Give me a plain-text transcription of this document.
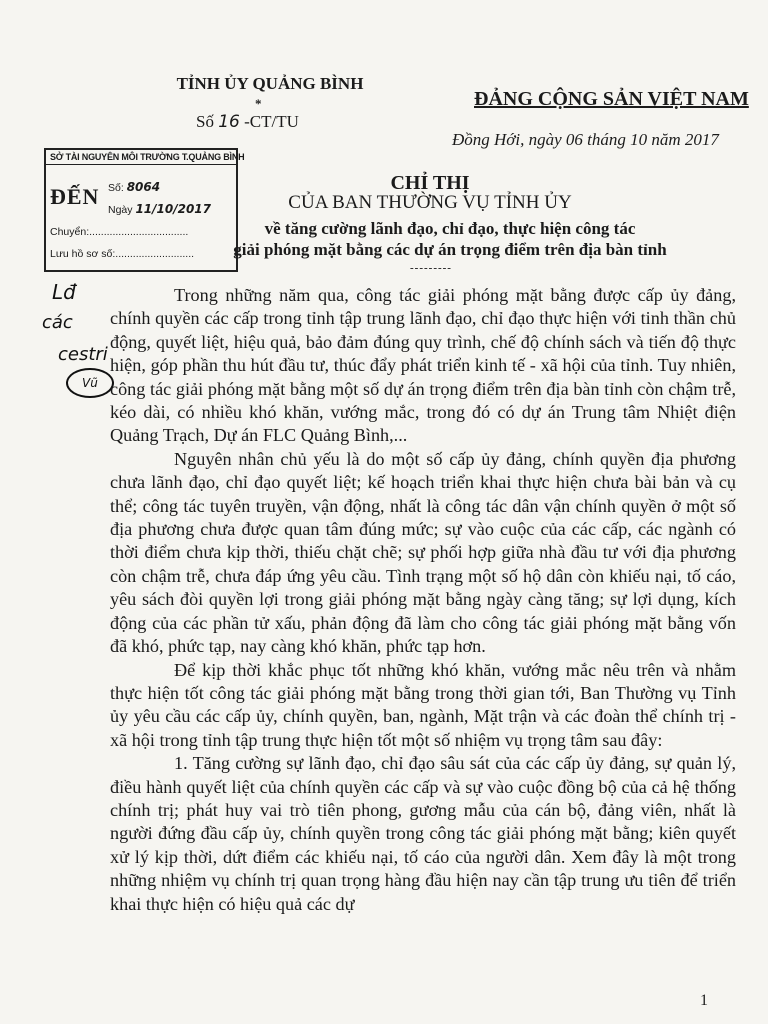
TỈNH ỦY QUẢNG BÌNH
*
Số 16 -CT/TU
ĐẢNG CỘNG SẢN VIỆT NAM
Đồng Hới, ngày 06 tháng 10 năm 2017
SỞ TÀI NGUYÊN MÔI TRƯỜNG T.QUẢNG BÌNH
ĐẾN Số: 8064
Ngày 11/10/2017
Chuyển:..................................
Lưu hồ sơ số:...........................
CHỈ THỊ
CỦA BAN THƯỜNG VỤ TỈNH ỦY
về tăng cường lãnh đạo, chỉ đạo, thực hiện công tác
giải phóng mặt bằng các dự án trọng điểm trên địa bàn tỉnh
---------
Lđ
các
cestri
Vũ

Trong những năm qua, công tác giải phóng mặt bằng được cấp ủy đảng, chính quyền các cấp trong tỉnh tập trung lãnh đạo, chỉ đạo thực hiện với tinh thần chủ động, quyết liệt, hiệu quả, bảo đảm đúng quy trình, chế độ chính sách và tiến độ thực hiện, góp phần thu hút đầu tư, thúc đẩy phát triển kinh tế - xã hội của tỉnh. Tuy nhiên, công tác giải phóng mặt bằng một số dự án trọng điểm trên địa bàn tỉnh còn chậm trễ, kéo dài, có nhiều khó khăn, vướng mắc, trong đó có dự án Trung tâm Nhiệt điện Quảng Trạch, Dự án FLC Quảng Bình,...

Nguyên nhân chủ yếu là do một số cấp ủy đảng, chính quyền địa phương chưa lãnh đạo, chỉ đạo quyết liệt; kế hoạch triển khai thực hiện chưa bài bản và cụ thể; công tác tuyên truyền, vận động, nhất là công tác dân vận chính quyền ở một số địa phương chưa được quan tâm đúng mức; sự vào cuộc của các cấp, các ngành có thời điểm chưa kịp thời, thiếu chặt chẽ; sự phối hợp giữa nhà đầu tư với địa phương còn chậm trễ, chưa đáp ứng yêu cầu. Tình trạng một số hộ dân còn khiếu nại, tố cáo, yêu sách đòi quyền lợi trong giải phóng mặt bằng ngày càng tăng; sự lợi dụng, kích động của các phần tử xấu, phản động đã làm cho công tác giải phóng mặt bằng vốn đã khó, phức tạp, nay càng khó khăn, phức tạp hơn.

Để kịp thời khắc phục tốt những khó khăn, vướng mắc nêu trên và nhằm thực hiện tốt công tác giải phóng mặt bằng trong thời gian tới, Ban Thường vụ Tỉnh ủy yêu cầu các cấp ủy, chính quyền, ban, ngành, Mặt trận và các đoàn thể chính trị - xã hội trong tỉnh tập trung thực hiện tốt một số nhiệm vụ trọng tâm sau đây:

1. Tăng cường sự lãnh đạo, chỉ đạo sâu sát của các cấp ủy đảng, sự quản lý, điều hành quyết liệt của chính quyền các cấp và sự vào cuộc đồng bộ của cả hệ thống chính trị; phát huy vai trò tiên phong, gương mẫu của cán bộ, đảng viên, nhất là người đứng đầu cấp ủy, chính quyền trong công tác giải phóng mặt bằng; kiên quyết xử lý kịp thời, dứt điểm các khiếu nại, tố cáo của người dân. Xem đây là một trong những nhiệm vụ chính trị quan trọng hàng đầu hiện nay cần tập trung ưu tiên để triển khai thực hiện có hiệu quả các dự

1
